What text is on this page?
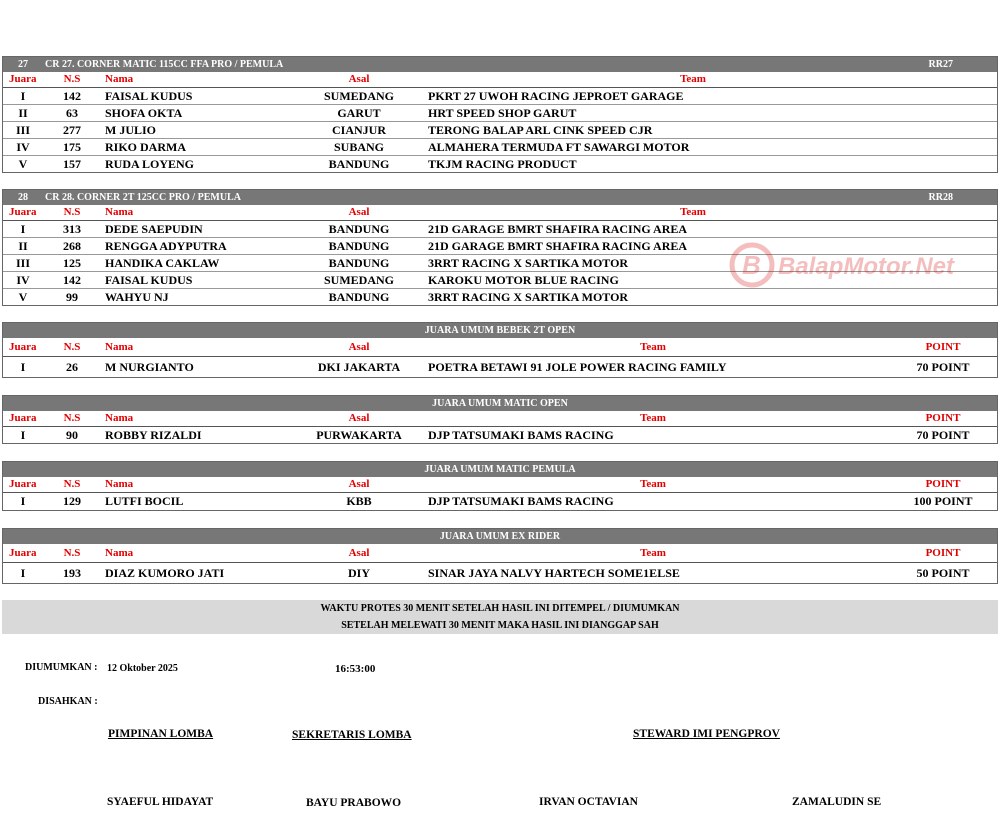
27 CR 27. CORNER MATIC 115CC FFA PRO / PEMULA	RR27
Juara	N.S	Nama	Asal	Team
I	142	FAISAL KUDUS	SUMEDANG	PKRT 27 UWOH RACING JEPROET GARAGE
II	63	SHOFA OKTA	GARUT	HRT SPEED SHOP GARUT
III	277	M JULIO	CIANJUR	TERONG BALAP ARL CINK SPEED CJR
IV	175	RIKO DARMA	SUBANG	ALMAHERA TERMUDA FT SAWARGI MOTOR
V	157	RUDA LOYENG	BANDUNG	TKJM RACING PRODUCT
28 CR 28. CORNER 2T 125CC PRO / PEMULA	RR28
Juara	N.S	Nama	Asal	Team
I	313	DEDE SAEPUDIN	BANDUNG	21D GARAGE BMRT SHAFIRA RACING AREA
II	268	RENGGA ADYPUTRA	BANDUNG	21D GARAGE BMRT SHAFIRA RACING AREA
III	125	HANDIKA CAKLAW	BANDUNG	3RRT RACING X SARTIKA MOTOR
IV	142	FAISAL KUDUS	SUMEDANG	KAROKU MOTOR BLUE RACING
V	99	WAHYU NJ	BANDUNG	3RRT RACING X SARTIKA MOTOR
B BalapMotor.Net
JUARA UMUM BEBEK 2T OPEN
Juara	N.S	Nama	Asal	Team	POINT
I	26	M NURGIANTO	DKI JAKARTA	POETRA BETAWI 91 JOLE POWER RACING FAMILY	70 POINT
JUARA UMUM MATIC OPEN
Juara	N.S	Nama	Asal	Team	POINT
I	90	ROBBY RIZALDI	PURWAKARTA	DJP TATSUMAKI BAMS RACING	70 POINT
JUARA UMUM MATIC PEMULA
Juara	N.S	Nama	Asal	Team	POINT
I	129	LUTFI BOCIL	KBB	DJP TATSUMAKI BAMS RACING	100 POINT
JUARA UMUM EX RIDER
Juara	N.S	Nama	Asal	Team	POINT
I	193	DIAZ KUMORO JATI	DIY	SINAR JAYA NALVY HARTECH SOME1ELSE	50 POINT
WAKTU PROTES 30 MENIT SETELAH HASIL INI DITEMPEL / DIUMUMKAN
SETELAH MELEWATI 30 MENIT MAKA HASIL INI DIANGGAP SAH
DIUMUMKAN : 12 Oktober 2025	16:53:00
DISAHKAN :
PIMPINAN LOMBA	SEKRETARIS LOMBA	STEWARD IMI PENGPROV
SYAEFUL HIDAYAT	BAYU PRABOWO	IRVAN OCTAVIAN	ZAMALUDIN SE
